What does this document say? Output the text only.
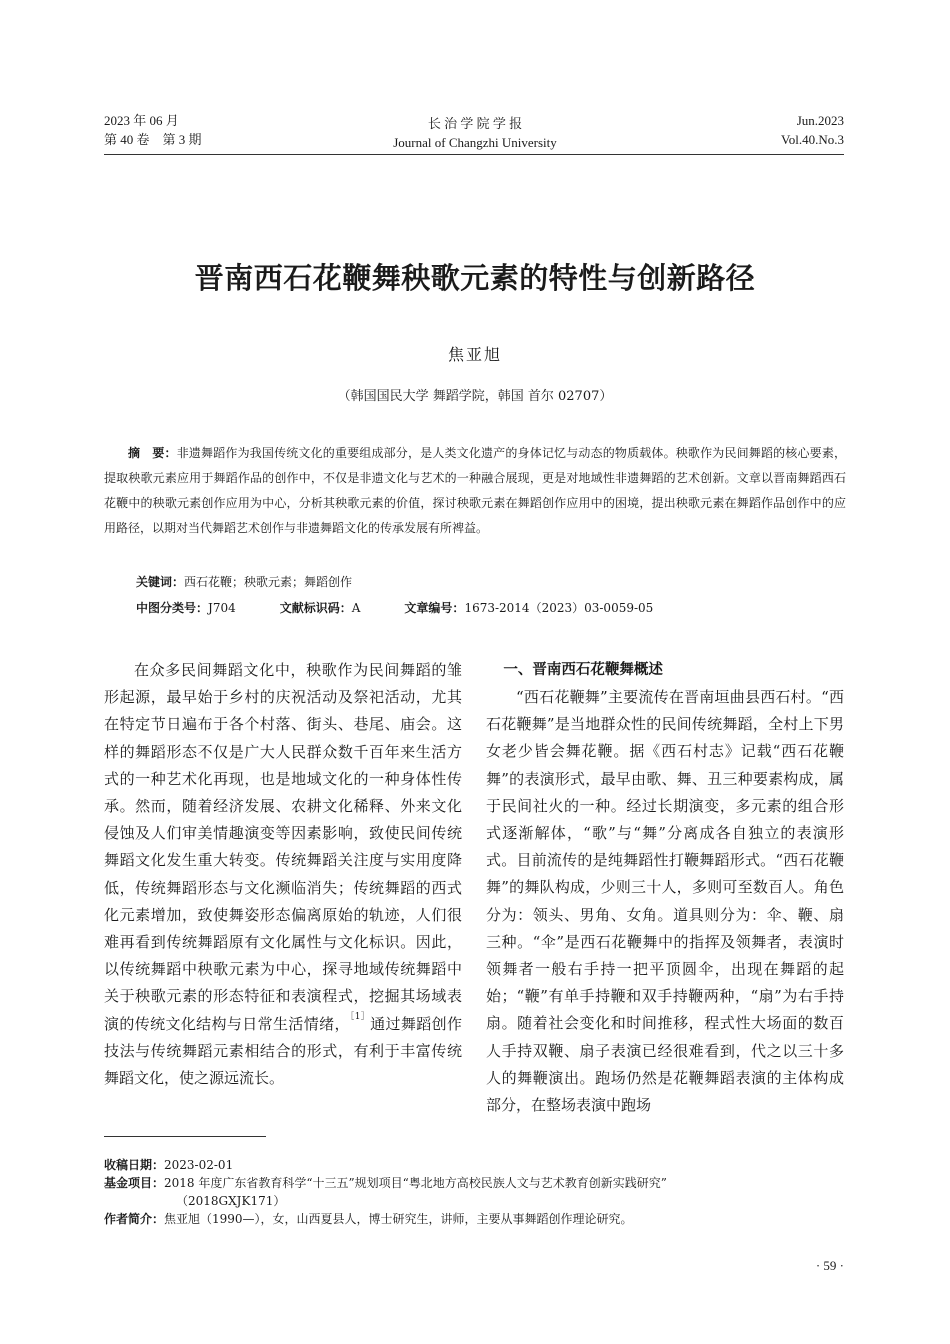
2023 年 06 月
第 40 卷　第 3 期
长 治 学 院 学 报
Journal of Changzhi University
Jun.2023
Vol.40.No.3
晋南西石花鞭舞秧歌元素的特性与创新路径
焦亚旭
（韩国国民大学 舞蹈学院，韩国 首尔 02707）
摘　要：非遗舞蹈作为我国传统文化的重要组成部分，是人类文化遗产的身体记忆与动态的物质载体。秧歌作为民间舞蹈的核心要素，提取秧歌元素应用于舞蹈作品的创作中，不仅是非遗文化与艺术的一种融合展现，更是对地域性非遗舞蹈的艺术创新。文章以晋南舞蹈西石花鞭中的秧歌元素创作应用为中心，分析其秧歌元素的价值，探讨秧歌元素在舞蹈创作应用中的困境，提出秧歌元素在舞蹈作品创作中的应用路径，以期对当代舞蹈艺术创作与非遗舞蹈文化的传承发展有所裨益。
关键词：西石花鞭；秧歌元素；舞蹈创作
中图分类号：J704	文献标识码：A	文章编号：1673-2014（2023）03-0059-05

在众多民间舞蹈文化中，秧歌作为民间舞蹈的雏形起源，最早始于乡村的庆祝活动及祭祀活动，尤其在特定节日遍布于各个村落、街头、巷尾、庙会。这样的舞蹈形态不仅是广大人民群众数千百年来生活方式的一种艺术化再现，也是地域文化的一种身体性传承。然而，随着经济发展、农耕文化稀释、外来文化侵蚀及人们审美情趣演变等因素影响，致使民间传统舞蹈文化发生重大转变。传统舞蹈关注度与实用度降低，传统舞蹈形态与文化濒临消失；传统舞蹈的西式化元素增加，致使舞姿形态偏离原始的轨迹，人们很难再看到传统舞蹈原有文化属性与文化标识。因此，以传统舞蹈中秧歌元素为中心，探寻地域传统舞蹈中关于秧歌元素的形态特征和表演程式，挖掘其场域表演的传统文化结构与日常生活情绪，$^{[1]}$通过舞蹈创作技法与传统舞蹈元素相结合的形式，有利于丰富传统舞蹈文化，使之源远流长。

一、晋南西石花鞭舞概述

“西石花鞭舞”主要流传在晋南垣曲县西石村。“西石花鞭舞”是当地群众性的民间传统舞蹈，全村上下男女老少皆会舞花鞭。据《西石村志》记载“西石花鞭舞”的表演形式，最早由歌、舞、丑三种要素构成，属于民间社火的一种。经过长期演变，多元素的组合形式逐渐解体，“歌”与“舞”分离成各自独立的表演形式。目前流传的是纯舞蹈性打鞭舞蹈形式。“西石花鞭舞”的舞队构成，少则三十人，多则可至数百人。角色分为：领头、男角、女角。道具则分为：伞、鞭、扇三种。“伞”是西石花鞭舞中的指挥及领舞者，表演时领舞者一般右手持一把平顶圆伞，出现在舞蹈的起始；“鞭”有单手持鞭和双手持鞭两种，“扇”为右手持扇。随着社会变化和时间推移，程式性大场面的数百人手持双鞭、扇子表演已经很难看到，代之以三十多人的舞鞭演出。跑场仍然是花鞭舞蹈表演的主体构成部分，在整场表演中跑场

收稿日期：2023-02-01
基金项目：2018 年度广东省教育科学“十三五”规划项目“粤北地方高校民族人文与艺术教育创新实践研究”
（2018GXJK171）
作者简介：焦亚旭（1990—），女，山西夏县人，博士研究生，讲师，主要从事舞蹈创作理论研究。
· 59 ·
